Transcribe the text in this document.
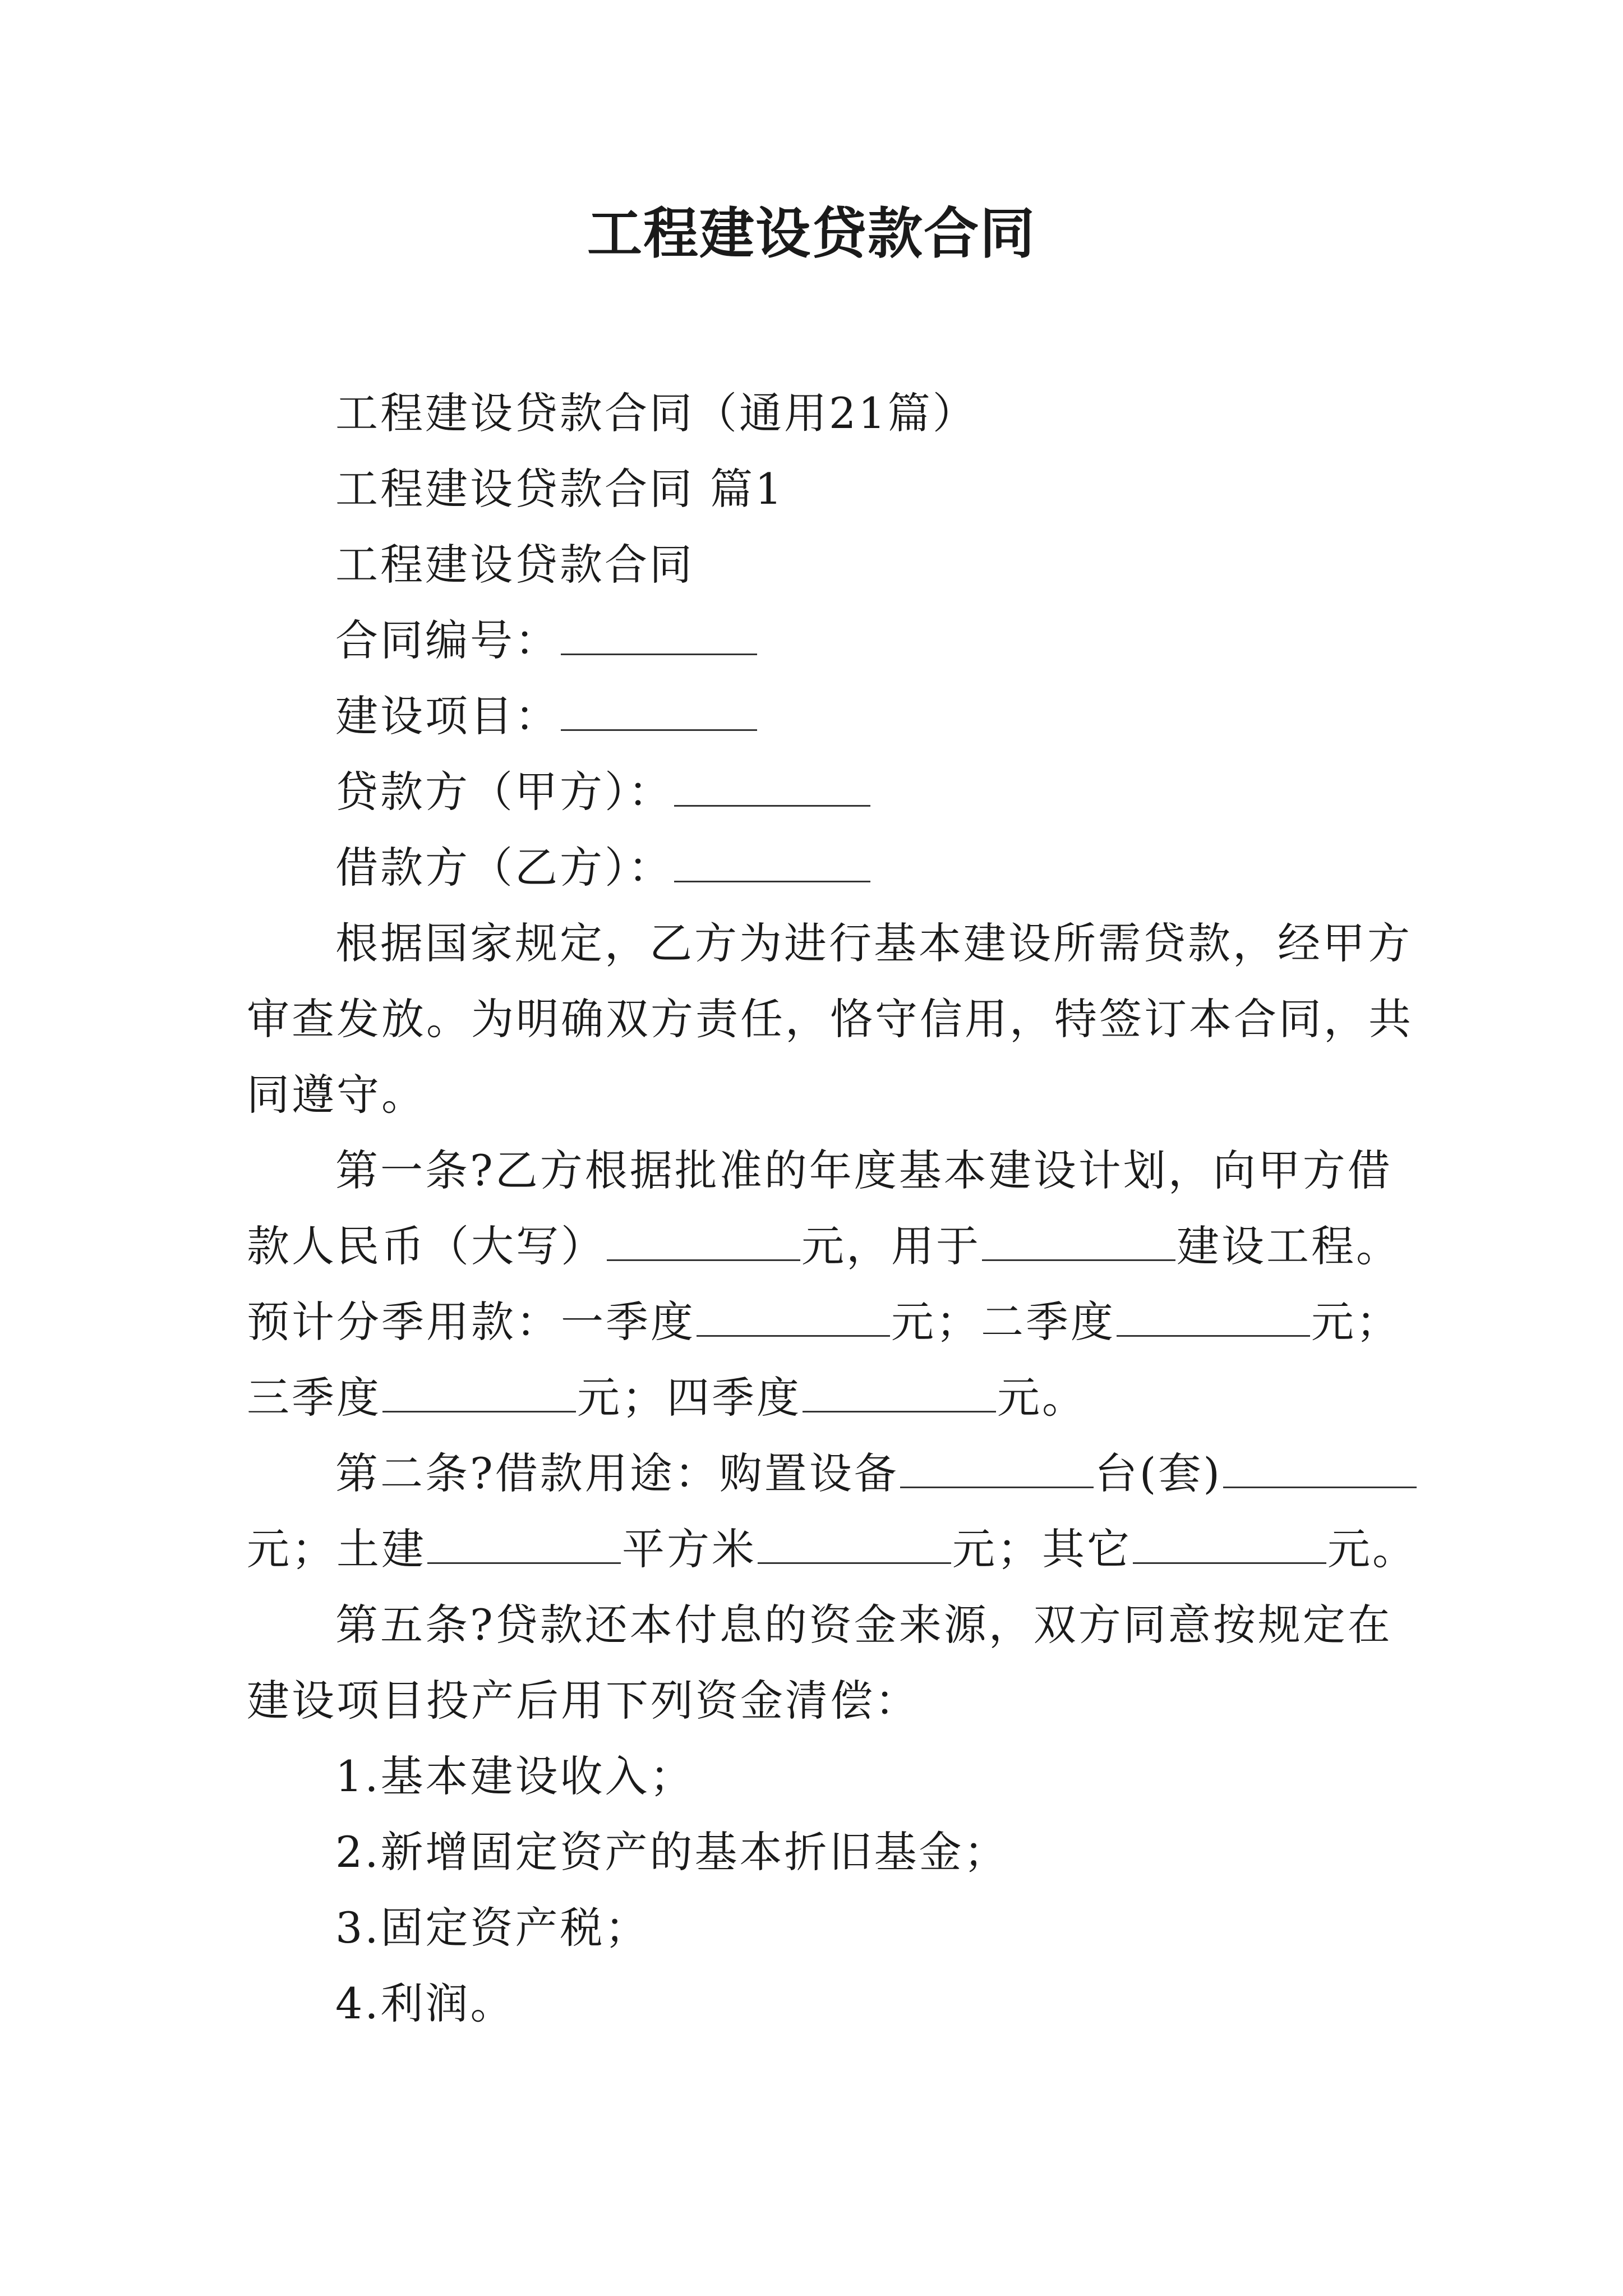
工程建设贷款合同
工程建设贷款合同（通用21篇）
工程建设贷款合同 篇1
工程建设贷款合同
合同编号：
建设项目：
贷款方（甲方）：
借款方（乙方）：
根据国家规定，乙方为进行基本建设所需贷款，经甲方
审查发放。为明确双方责任，恪守信用，特签订本合同，共
同遵守。
第一条?乙方根据批准的年度基本建设计划，向甲方借
款人民币（大写）	元，用于	建设工程。
预计分季用款：一季度	元；二季度	元；
三季度	元；四季度	元。
第二条?借款用途：购置设备	台(套)
元；土建	平方米	元；其它	元。
第五条?贷款还本付息的资金来源，双方同意按规定在
建设项目投产后用下列资金清偿：
1.基本建设收入；
2.新增固定资产的基本折旧基金；
3.固定资产税；
4.利润。
